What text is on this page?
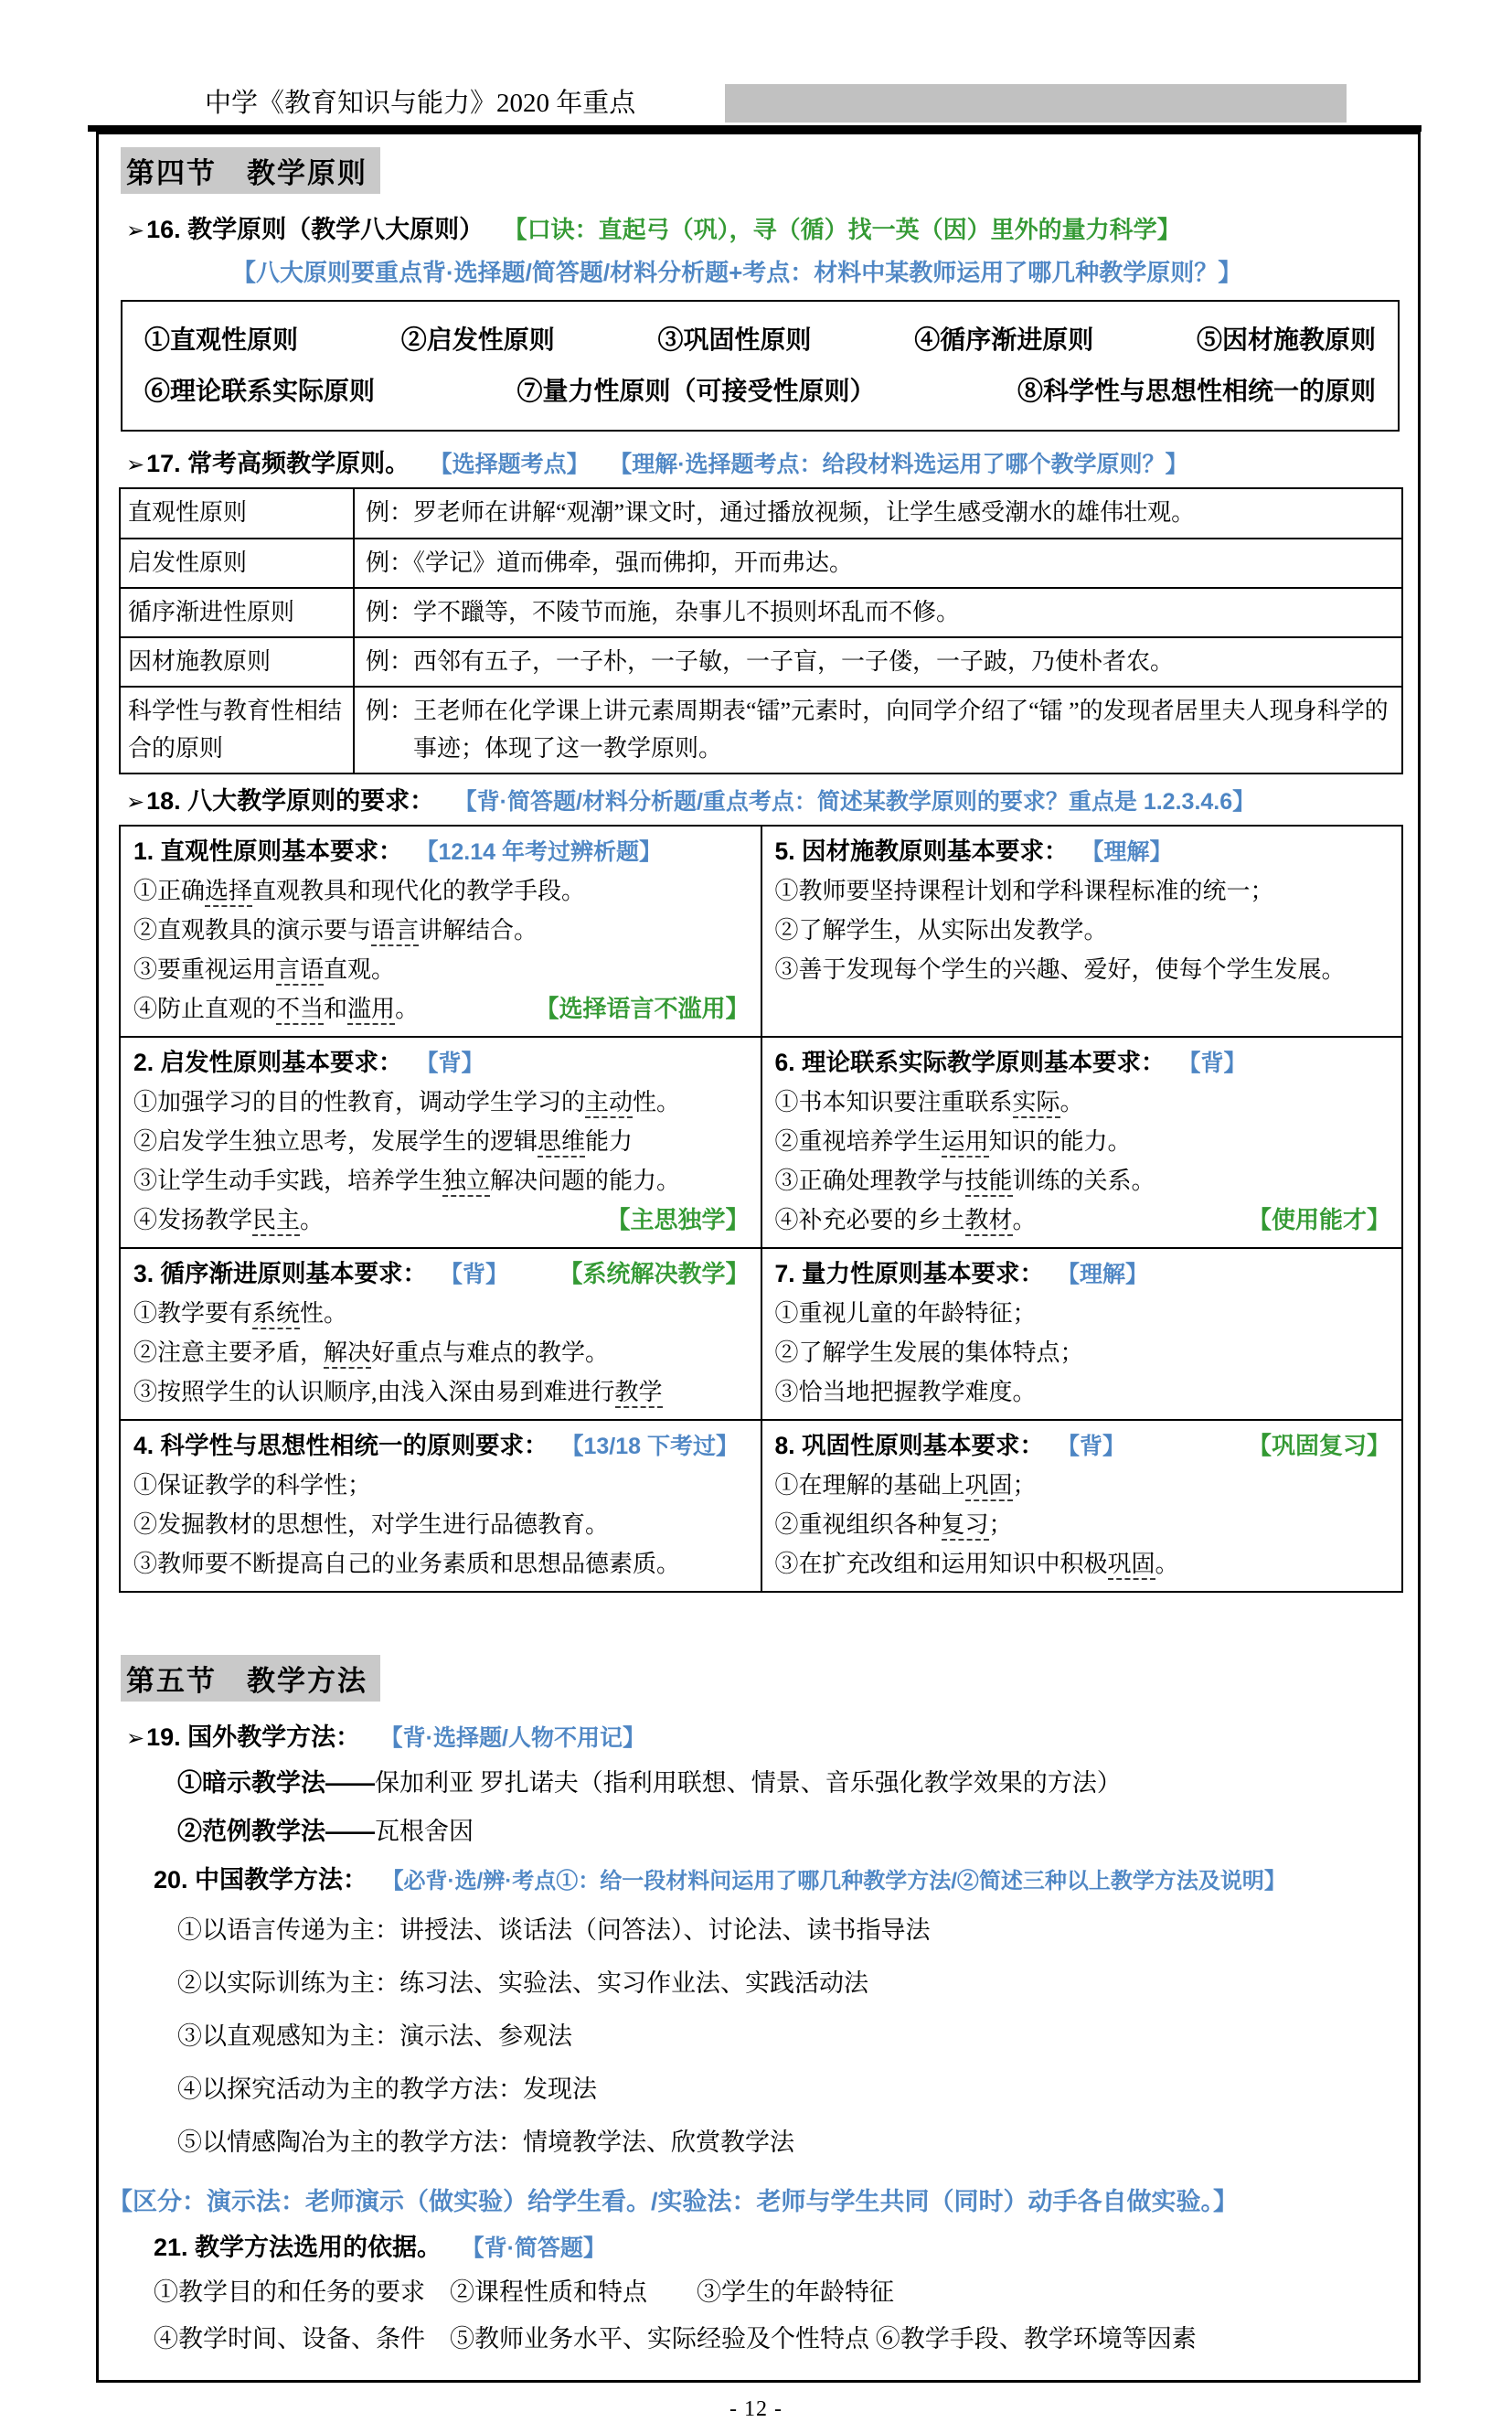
中学《教育知识与能力》2020 年重点
第四节　教学原则
➢16. 教学原则（教学八大原则） 【口诀：直起弓（巩），寻（循）找一英（因）里外的量力科学】
【八大原则要重点背·选择题/简答题/材料分析题+考点：材料中某教师运用了哪几种教学原则？】
①直观性原则	②启发性原则	③巩固性原则	④循序渐进原则	⑤因材施教原则
⑥理论联系实际原则	⑦量力性原则（可接受性原则）	⑧科学性与思想性相统一的原则
➢17. 常考高频教学原则。 【选择题考点】 【理解·选择题考点：给段材料选运用了哪个教学原则？】
直观性原则	例：罗老师在讲解“观潮”课文时，通过播放视频，让学生感受潮水的雄伟壮观。
启发性原则	例：《学记》道而佛牵，强而佛抑，开而弗达。
循序渐进性原则	例：学不躐等，不陵节而施，杂事儿不损则坏乱而不修。
因材施教原则	例：西邻有五子，一子朴，一子敏，一子盲，一子偻，一子跛，乃使朴者农。
科学性与教育性相结合的原则	例：王老师在化学课上讲元素周期表“镭”元素时，向同学介绍了“镭 ”的发现者居里夫人现身科学的事迹；体现了这一教学原则。
➢18. 八大教学原则的要求： 【背·简答题/材料分析题/重点考点：简述某教学原则的要求？重点是 1.2.3.4.6】
1. 直观性原则基本要求： 【12.14 年考过辨析题】
①正确选择直观教具和现代化的教学手段。
②直观教具的演示要与语言讲解结合。
③要重视运用言语直观。
④防止直观的不当和滥用。	【选择语言不滥用】

5. 因材施教原则基本要求： 【理解】
①教师要坚持课程计划和学科课程标准的统一；
②了解学生，从实际出发教学。
③善于发现每个学生的兴趣、爱好，使每个学生发展。

2. 启发性原则基本要求： 【背】
①加强学习的目的性教育，调动学生学习的主动性。
②启发学生独立思考，发展学生的逻辑思维能力
③让学生动手实践，培养学生独立解决问题的能力。
④发扬教学民主。	【主思独学】

6. 理论联系实际教学原则基本要求： 【背】
①书本知识要注重联系实际。
②重视培养学生运用知识的能力。
③正确处理教学与技能训练的关系。
④补充必要的乡土教材。	【使用能才】

3. 循序渐进原则基本要求： 【背】 【系统解决教学】
①教学要有系统性。
②注意主要矛盾，解决好重点与难点的教学。
③按照学生的认识顺序,由浅入深由易到难进行教学

7. 量力性原则基本要求： 【理解】
①重视儿童的年龄特征；
②了解学生发展的集体特点；
③恰当地把握教学难度。

4. 科学性与思想性相统一的原则要求： 【13/18 下考过】
①保证教学的科学性；
②发掘教材的思想性，对学生进行品德教育。
③教师要不断提高自己的业务素质和思想品德素质。

8. 巩固性原则基本要求： 【背】	【巩固复习】
①在理解的基础上巩固；
②重视组织各种复习；
③在扩充改组和运用知识中积极巩固。
第五节　教学方法
➢19. 国外教学方法： 【背·选择题/人物不用记】
①暗示教学法——保加利亚 罗扎诺夫（指利用联想、情景、音乐强化教学效果的方法）
②范例教学法——瓦根舍因
20. 中国教学方法： 【必背·选/辨·考点①：给一段材料问运用了哪几种教学方法/②简述三种以上教学方法及说明】
①以语言传递为主：讲授法、谈话法（问答法）、讨论法、读书指导法
②以实际训练为主：练习法、实验法、实习作业法、实践活动法
③以直观感知为主：演示法、参观法
④以探究活动为主的教学方法：发现法
⑤以情感陶冶为主的教学方法：情境教学法、欣赏教学法
【区分：演示法：老师演示（做实验）给学生看。/实验法：老师与学生共同（同时）动手各自做实验。】
21. 教学方法选用的依据。 【背·简答题】
①教学目的和任务的要求　②课程性质和特点　　③学生的年龄特征
④教学时间、设备、条件　⑤教师业务水平、实际经验及个性特点 ⑥教学手段、教学环境等因素
- 12 -
